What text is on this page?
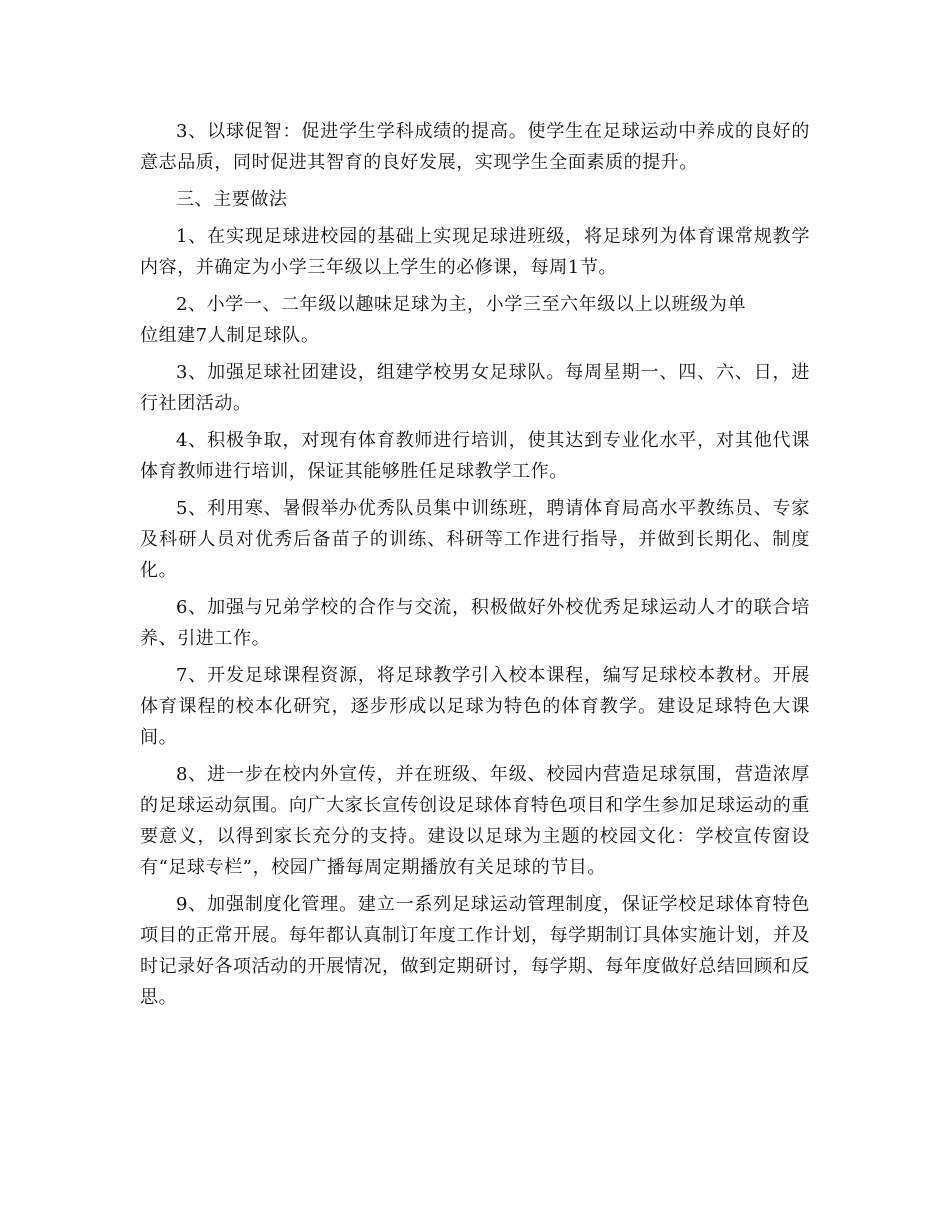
3、以球促智：促进学生学科成绩的提高。使学生在足球运动中养成的良好的意志品质，同时促进其智育的良好发展，实现学生全面素质的提升。

三、主要做法

1、在实现足球进校园的基础上实现足球进班级，将足球列为体育课常规教学内容，并确定为小学三年级以上学生的必修课，每周1节。

2、小学一、二年级以趣味足球为主，小学三至六年级以上以班级为单

位组建7人制足球队。

3、加强足球社团建设，组建学校男女足球队。每周星期一、四、六、日，进行社团活动。

4、积极争取，对现有体育教师进行培训，使其达到专业化水平，对其他代课体育教师进行培训，保证其能够胜任足球教学工作。

5、利用寒、暑假举办优秀队员集中训练班，聘请体育局高水平教练员、专家及科研人员对优秀后备苗子的训练、科研等工作进行指导，并做到长期化、制度化。

6、加强与兄弟学校的合作与交流，积极做好外校优秀足球运动人才的联合培养、引进工作。

7、开发足球课程资源，将足球教学引入校本课程，编写足球校本教材。开展体育课程的校本化研究，逐步形成以足球为特色的体育教学。建设足球特色大课间。

8、进一步在校内外宣传，并在班级、年级、校园内营造足球氛围，营造浓厚的足球运动氛围。向广大家长宣传创设足球体育特色项目和学生参加足球运动的重要意义，以得到家长充分的支持。建设以足球为主题的校园文化：学校宣传窗设有“足球专栏”，校园广播每周定期播放有关足球的节目。

9、加强制度化管理。建立一系列足球运动管理制度，保证学校足球体育特色项目的正常开展。每年都认真制订年度工作计划，每学期制订具体实施计划，并及时记录好各项活动的开展情况，做到定期研讨，每学期、每年度做好总结回顾和反思。
